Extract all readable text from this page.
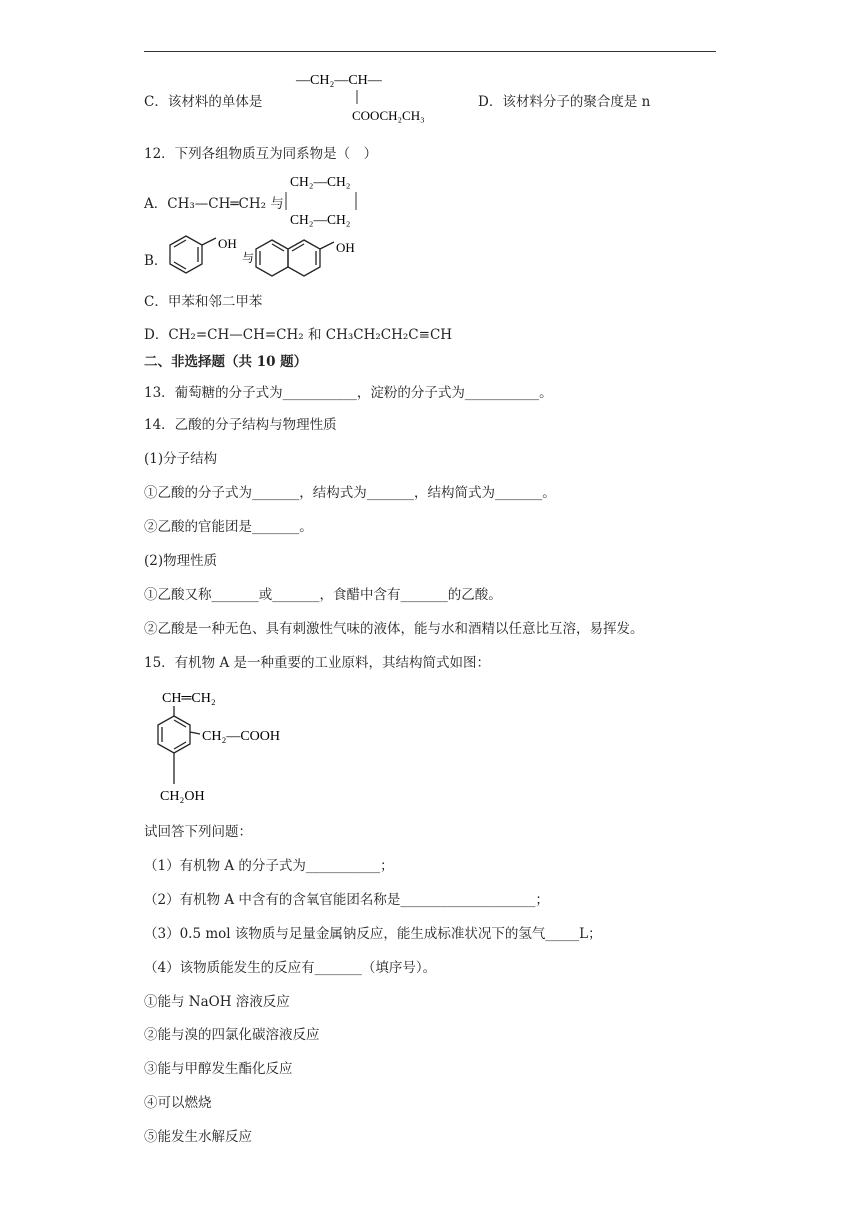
C．该材料的单体是
—CH₂—CH—
COOCH₂CH₃
D．该材料分子的聚合度是 n
12．下列各组物质互为同系物是（　）
A．CH₃—CH═CH₂ 与
CH₂—CH₂
CH₂—CH₂
B．
OH
与
OH
C．甲苯和邻二甲苯
D．CH₂=CH—CH=CH₂ 和 CH₃CH₂CH₂C≡CH
二、非选择题（共 10 题）
13．葡萄糖的分子式为___________，淀粉的分子式为___________。
14．乙酸的分子结构与物理性质
(1)分子结构
①乙酸的分子式为_______，结构式为_______，结构简式为_______。
②乙酸的官能团是_______。
(2)物理性质
①乙酸又称_______或_______，食醋中含有_______的乙酸。
②乙酸是一种无色、具有刺激性气味的液体，能与水和酒精以任意比互溶，易挥发。
15．有机物 A 是一种重要的工业原料，其结构简式如图：
CH═CH₂
CH₂—COOH
CH₂OH
试回答下列问题：
（1）有机物 A 的分子式为___________；
（2）有机物 A 中含有的含氧官能团名称是____________________；
（3）0.5 mol 该物质与足量金属钠反应，能生成标准状况下的氢气_____L；
（4）该物质能发生的反应有_______（填序号）。
①能与 NaOH 溶液反应
②能与溴的四氯化碳溶液反应
③能与甲醇发生酯化反应
④可以燃烧
⑤能发生水解反应
